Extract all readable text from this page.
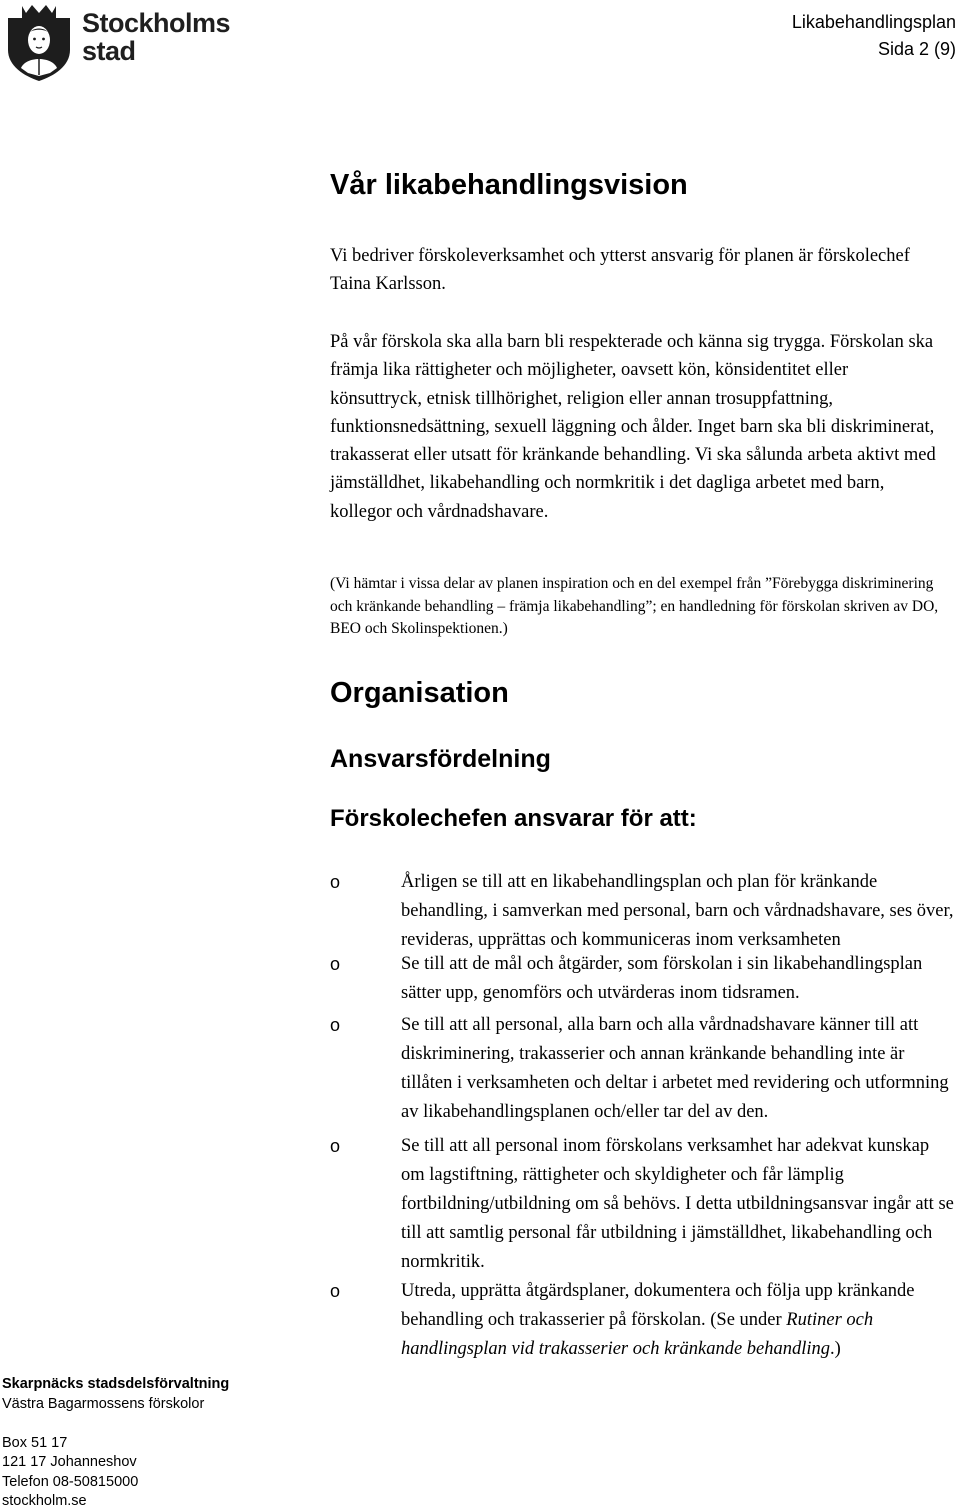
Stockholms
stad
Likabehandlingsplan
Sida 2 (9)
Vår likabehandlingsvision

Vi bedriver förskoleverksamhet och ytterst ansvarig för planen är förskolechef Taina Karlsson.

På vår förskola ska alla barn bli respekterade och känna sig trygga. Förskolan ska främja lika rättigheter och möjligheter, oavsett kön, könsidentitet eller könsuttryck, etnisk tillhörighet, religion eller annan trosuppfattning, funktionsnedsättning, sexuell läggning och ålder. Inget barn ska bli diskriminerat, trakasserat eller utsatt för kränkande behandling. Vi ska sålunda arbeta aktivt med jämställdhet, likabehandling och normkritik i det dagliga arbetet med barn, kollegor och vårdnadshavare.

(Vi hämtar i vissa delar av planen inspiration och en del exempel från ”Förebygga diskriminering och kränkande behandling – främja likabehandling”; en handledning för förskolan skriven av DO, BEO och Skolinspektionen.)

Organisation
Ansvarsfördelning
Förskolechefen ansvarar för att:
o	Årligen se till att en likabehandlingsplan och plan för kränkande behandling, i samverkan med personal, barn och vårdnadshavare, ses över, revideras, upprättas och kommuniceras inom verksamheten
o	Se till att de mål och åtgärder, som förskolan i sin likabehandlingsplan sätter upp, genomförs och utvärderas inom tidsramen.
o	Se till att all personal, alla barn och alla vårdnadshavare känner till att diskriminering, trakasserier och annan kränkande behandling inte är tillåten i verksamheten och deltar i arbetet med revidering och utformning av likabehandlingsplanen och/eller tar del av den.
o	Se till att all personal inom förskolans verksamhet har adekvat kunskap om lagstiftning, rättigheter och skyldigheter och får lämplig fortbildning/utbildning om så behövs. I detta utbildningsansvar ingår att se till att samtlig personal får utbildning i jämställdhet, likabehandling och normkritik.
o	Utreda, upprätta åtgärdsplaner, dokumentera och följa upp kränkande behandling och trakasserier på förskolan. (Se under Rutiner och handlingsplan vid trakasserier och kränkande behandling.)
Skarpnäcks stadsdelsförvaltning
Västra Bagarmossens förskolor
Box 51 17
121 17 Johanneshov
Telefon 08-50815000
stockholm.se
